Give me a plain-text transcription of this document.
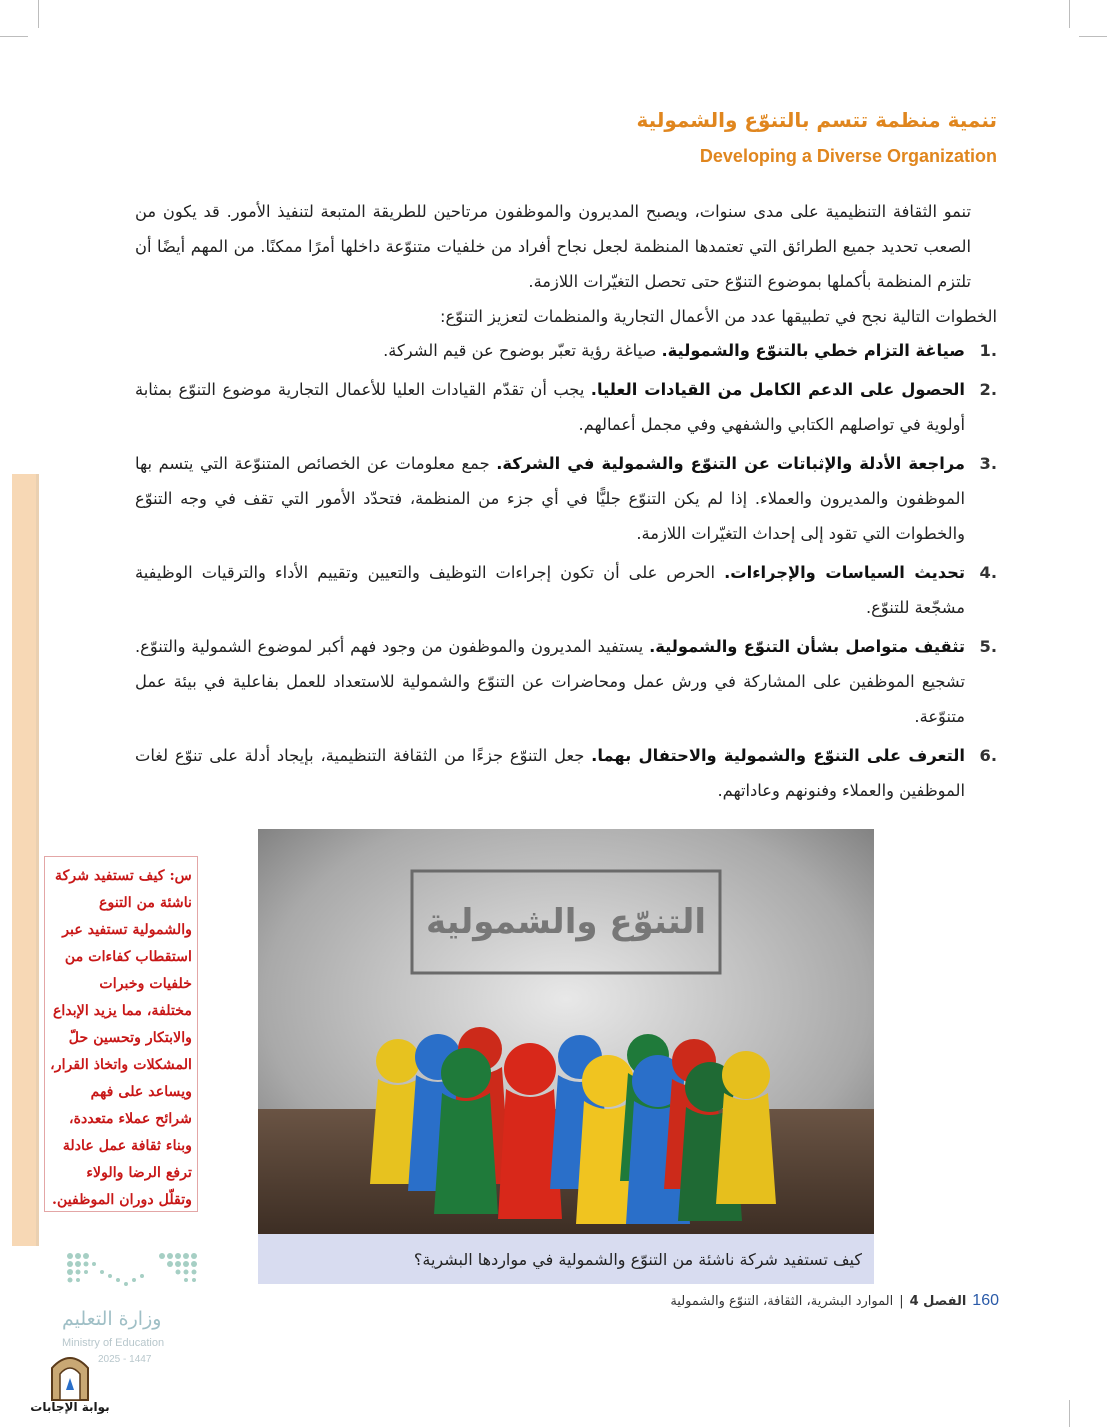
تنمية منظمة تتسم بالتنوّع والشمولية
Developing a Diverse Organization

تنمو الثقافة التنظيمية على مدى سنوات، ويصبح المديرون والموظفون مرتاحين للطريقة المتبعة لتنفيذ الأمور. قد يكون من الصعب تحديد جميع الطرائق التي تعتمدها المنظمة لجعل نجاح أفراد من خلفيات متنوّعة داخلها أمرًا ممكنًا. من المهم أيضًا أن تلتزم المنظمة بأكملها بموضوع التنوّع حتى تحصل التغيّرات اللازمة.

الخطوات التالية نجح في تطبيقها عدد من الأعمال التجارية والمنظمات لتعزيز التنوّع:

.1
صياغة التزام خطي بالتنوّع والشمولية. صياغة رؤية تعبّر بوضوح عن قيم الشركة.
.2
الحصول على الدعم الكامل من القيادات العليا. يجب أن تقدّم القيادات العليا للأعمال التجارية موضوع التنوّع بمثابة أولوية في تواصلهم الكتابي والشفهي وفي مجمل أعمالهم.
.3
مراجعة الأدلة والإثباتات عن التنوّع والشمولية في الشركة. جمع معلومات عن الخصائص المتنوّعة التي يتسم بها الموظفون والمديرون والعملاء. إذا لم يكن التنوّع جليًّا في أي جزء من المنظمة، فتحدّد الأمور التي تقف في وجه التنوّع والخطوات التي تقود إلى إحداث التغيّرات اللازمة.
.4
تحديث السياسات والإجراءات. الحرص على أن تكون إجراءات التوظيف والتعيين وتقييم الأداء والترقيات الوظيفية مشجّعة للتنوّع.
.5
تثقيف متواصل بشأن التنوّع والشمولية. يستفيد المديرون والموظفون من وجود فهم أكبر لموضوع الشمولية والتنوّع. تشجيع الموظفين على المشاركة في ورش عمل ومحاضرات عن التنوّع والشمولية للاستعداد للعمل بفاعلية في بيئة عمل متنوّعة.
.6
التعرف على التنوّع والشمولية والاحتفال بهما. جعل التنوّع جزءًا من الثقافة التنظيمية، بإيجاد أدلة على تنوّع لغات الموظفين والعملاء وفنونهم وعاداتهم.
س: كيف تستفيد شركة ناشئة من التنوع والشمولية تستفيد عبر استقطاب كفاءات من خلفيات وخبرات مختلفة، مما يزيد الإبداع والابتكار وتحسين حلّ المشكلات واتخاذ القرار، ويساعد على فهم شرائح عملاء متعددة، وبناء ثقافة عمل عادلة ترفع الرضا والولاء وتقلّل دوران الموظفين.
التنوّع والشمولية
كيف تستفيد شركة ناشئة من التنوّع والشمولية في مواردها البشرية؟
160
الفصل 4
|
الموارد البشرية، الثقافة، التنوّع والشمولية
وزارة التعليم
Ministry of Education
2025 - 1447
بوابة الإجابات
